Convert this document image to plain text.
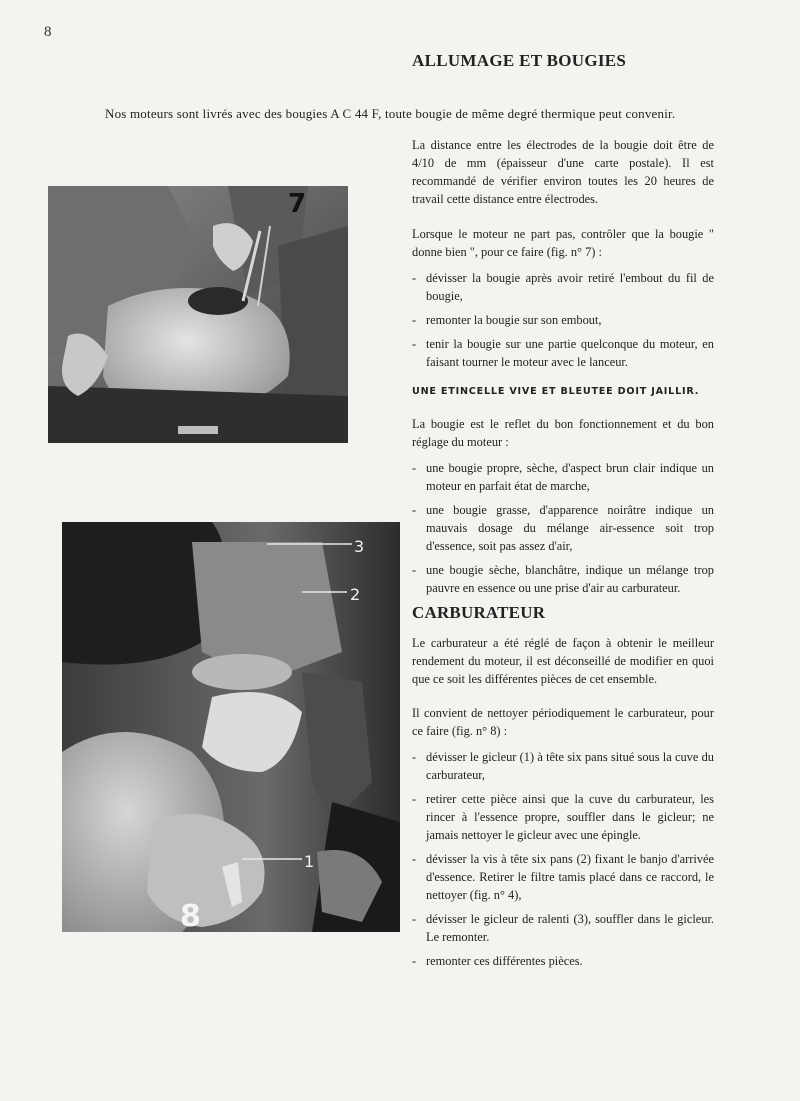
8
ALLUMAGE ET BOUGIES
Nos moteurs sont livrés avec des bougies A C 44 F, toute bougie de même degré thermique peut convenir.
7
3
2
1
8

La distance entre les électrodes de la bougie doit être de 4/10 de mm (épaisseur d'une carte postale). Il est recommandé de vérifier environ toutes les 20 heures de travail cette distance entre électrodes.

Lorsque le moteur ne part pas, contrôler que la bougie " donne bien ", pour ce faire (fig. n° 7) :

- dévisser la bougie après avoir retiré l'embout du fil de bougie,
- remonter la bougie sur son embout,
- tenir la bougie sur une partie quelconque du moteur, en faisant tourner le moteur avec le lanceur.

UNE ETINCELLE VIVE ET BLEUTEE DOIT JAILLIR.

La bougie est le reflet du bon fonctionnement et du bon réglage du moteur :

- une bougie propre, sèche, d'aspect brun clair indique un moteur en parfait état de marche,
- une bougie grasse, d'apparence noirâtre indique un mauvais dosage du mélange air-essence soit trop d'essence, soit pas assez d'air,
- une bougie sèche, blanchâtre, indique un mélange trop pauvre en essence ou une prise d'air au carburateur.

CARBURATEUR

Le carburateur a été réglé de façon à obtenir le meilleur rendement du moteur, il est déconseillé de modifier en quoi que ce soit les différentes pièces de cet ensemble.

Il convient de nettoyer périodiquement le carburateur, pour ce faire (fig. n° 8) :

- dévisser le gicleur (1) à tête six pans situé sous la cuve du carburateur,
- retirer cette pièce ainsi que la cuve du carburateur, les rincer à l'essence propre, souffler dans le gicleur; ne jamais nettoyer le gicleur avec une épingle.
- dévisser la vis à tête six pans (2) fixant le banjo d'arrivée d'essence. Retirer le filtre tamis placé dans ce raccord, le nettoyer (fig. n° 4),
- dévisser le gicleur de ralenti (3), souffler dans le gicleur. Le remonter.
- remonter ces différentes pièces.
